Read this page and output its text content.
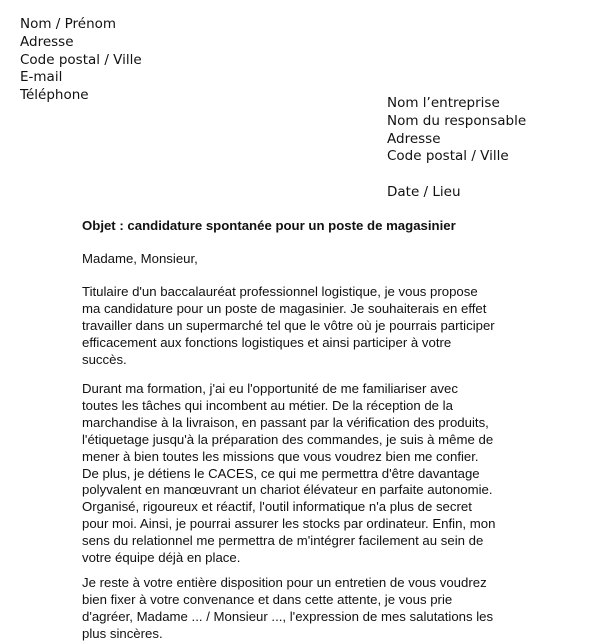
Nom / Prénom
Adresse
Code postal / Ville
E-mail
Téléphone	Nom l’entreprise
Nom du responsable
Adresse
Code postal / Ville
Date / Lieu
Objet : candidature spontanée pour un poste de magasinier
Madame, Monsieur,
Titulaire d'un baccalauréat professionnel logistique, je vous propose
ma candidature pour un poste de magasinier. Je souhaiterais en effet
travailler dans un supermarché tel que le vôtre où je pourrais participer
efficacement aux fonctions logistiques et ainsi participer à votre
succès.
Durant ma formation, j'ai eu l'opportunité de me familiariser avec
toutes les tâches qui incombent au métier. De la réception de la
marchandise à la livraison, en passant par la vérification des produits,
l'étiquetage jusqu'à la préparation des commandes, je suis à même de
mener à bien toutes les missions que vous voudrez bien me confier.
De plus, je détiens le CACES, ce qui me permettra d'être davantage
polyvalent en manœuvrant un chariot élévateur en parfaite autonomie.
Organisé, rigoureux et réactif, l'outil informatique n'a plus de secret
pour moi. Ainsi, je pourrai assurer les stocks par ordinateur. Enfin, mon
sens du relationnel me permettra de m'intégrer facilement au sein de
votre équipe déjà en place.
Je reste à votre entière disposition pour un entretien de vous voudrez
bien fixer à votre convenance et dans cette attente, je vous prie
d'agréer, Madame ... / Monsieur ..., l'expression de mes salutations les
plus sincères.
